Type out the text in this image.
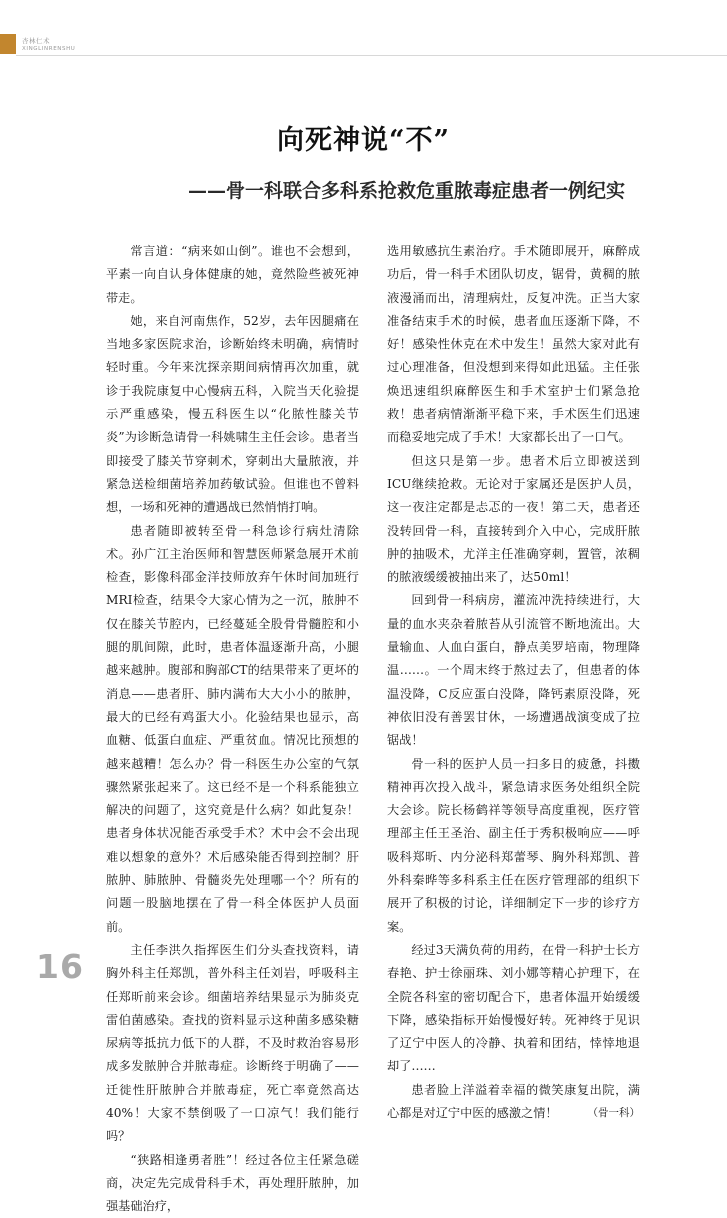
杏林仁术
XINGLINRENSHU
向死神说“不”
——骨一科联合多科系抢救危重脓毒症患者一例纪实

常言道：“病来如山倒”。谁也不会想到，平素一向自认身体健康的她，竟然险些被死神带走。

她，来自河南焦作，52岁，去年因腿痛在当地多家医院求治，诊断始终未明确，病情时轻时重。今年来沈探亲期间病情再次加重，就诊于我院康复中心慢病五科，入院当天化验提示严重感染，慢五科医生以“化脓性膝关节炎”为诊断急请骨一科姚啸生主任会诊。患者当即接受了膝关节穿刺术，穿刺出大量脓液，并紧急送检细菌培养加药敏试验。但谁也不曾料想，一场和死神的遭遇战已然悄悄打响。

患者随即被转至骨一科急诊行病灶清除术。孙广江主治医师和智慧医师紧急展开术前检查，影像科邵金洋技师放弃午休时间加班行MRI检查，结果令大家心情为之一沉，脓肿不仅在膝关节腔内，已经蔓延全股骨骨髓腔和小腿的肌间隙，此时，患者体温逐渐升高，小腿越来越肿。腹部和胸部CT的结果带来了更坏的消息——患者肝、肺内满布大大小小的脓肿，最大的已经有鸡蛋大小。化验结果也显示，高血糖、低蛋白血症、严重贫血。情况比预想的越来越糟！怎么办？骨一科医生办公室的气氛骤然紧张起来了。这已经不是一个科系能独立解决的问题了，这究竟是什么病？如此复杂！患者身体状况能否承受手术？术中会不会出现难以想象的意外？术后感染能否得到控制？肝脓肿、肺脓肿、骨髓炎先处理哪一个？所有的问题一股脑地摆在了骨一科全体医护人员面前。

主任李洪久指挥医生们分头查找资料，请胸外科主任郑凯，普外科主任刘岩，呼吸科主任郑昕前来会诊。细菌培养结果显示为肺炎克雷伯菌感染。查找的资料显示这种菌多感染糖尿病等抵抗力低下的人群，不及时救治容易形成多发脓肿合并脓毒症。诊断终于明确了——迁徙性肝脓肿合并脓毒症，死亡率竟然高达40%！大家不禁倒吸了一口凉气！我们能行吗？

“狭路相逢勇者胜”！经过各位主任紧急磋商，决定先完成骨科手术，再处理肝脓肿，加强基础治疗，

选用敏感抗生素治疗。手术随即展开，麻醉成功后，骨一科手术团队切皮，锯骨，黄稠的脓液漫涌而出，清理病灶，反复冲洗。正当大家准备结束手术的时候，患者血压逐渐下降，不好！感染性休克在术中发生！虽然大家对此有过心理准备，但没想到来得如此迅猛。主任张焕迅速组织麻醉医生和手术室护士们紧急抢救！患者病情渐渐平稳下来，手术医生们迅速而稳妥地完成了手术！大家都长出了一口气。

但这只是第一步。患者术后立即被送到ICU继续抢救。无论对于家属还是医护人员，这一夜注定都是忐忑的一夜！第二天，患者还没转回骨一科，直接转到介入中心，完成肝脓肿的抽吸术，尤洋主任准确穿刺，置管，浓稠的脓液缓缓被抽出来了，达50ml！

回到骨一科病房，灌流冲洗持续进行，大量的血水夹杂着脓苔从引流管不断地流出。大量输血、人血白蛋白，静点美罗培南，物理降温……。一个周末终于熬过去了，但患者的体温没降，C反应蛋白没降，降钙素原没降，死神依旧没有善罢甘休，一场遭遇战演变成了拉锯战！

骨一科的医护人员一扫多日的疲惫，抖擞精神再次投入战斗，紧急请求医务处组织全院大会诊。院长杨鹤祥等领导高度重视，医疗管理部主任王圣治、副主任于秀积极响应——呼吸科郑昕、内分泌科郑蕾琴、胸外科郑凯、普外科秦晔等多科系主任在医疗管理部的组织下展开了积极的讨论，详细制定下一步的诊疗方案。

经过3天满负荷的用药，在骨一科护士长方春艳、护士徐丽珠、刘小娜等精心护理下，在全院各科室的密切配合下，患者体温开始缓缓下降，感染指标开始慢慢好转。死神终于见识了辽宁中医人的冷静、执着和团结，悻悻地退却了……

患者脸上洋溢着幸福的微笑康复出院，满心都是对辽宁中医的感激之情！	（骨一科）

16
